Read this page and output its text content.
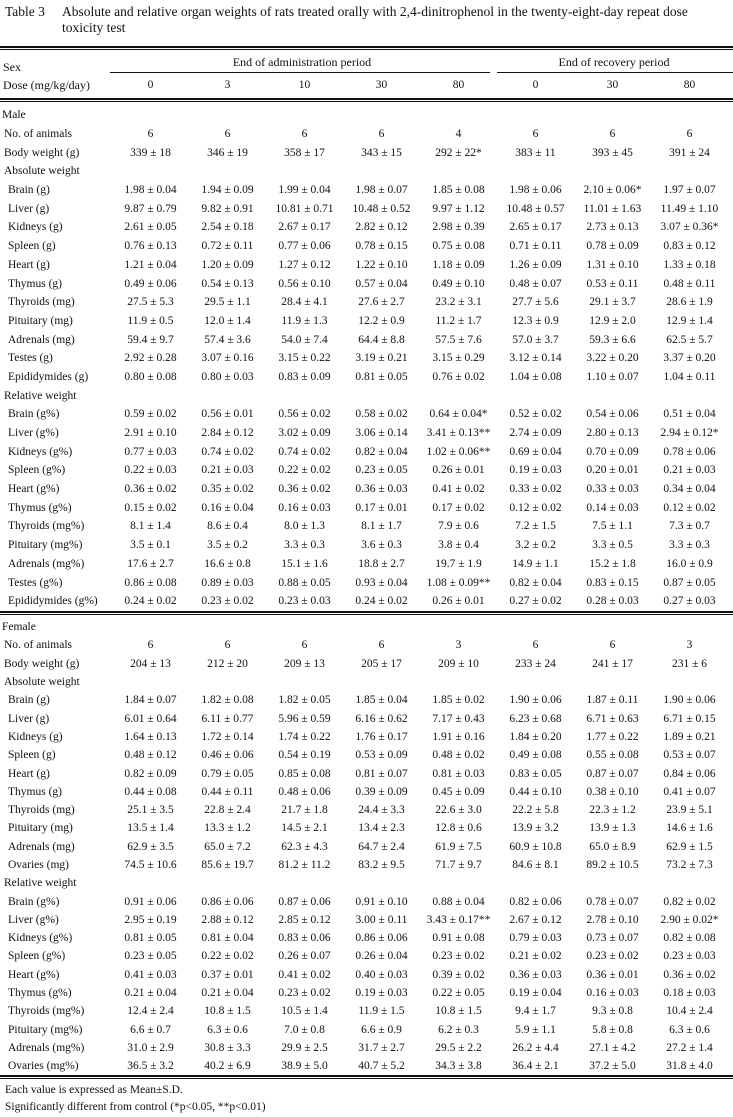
Table 3 Absolute and relative organ weights of rats treated orally with 2,4-dinitrophenol in the twenty-eight-day repeat dose toxicity test
Sex
Dose (mg/kg/day)
End of administration period	End of recovery period
	0	3	10	30	80	0	30	80
Male								
No. of animals	6	6	6	6	4	6	6	6
Body weight (g)	339 ± 18	346 ± 19	358 ± 17	343 ± 15	292 ± 22*	383 ± 11	393 ± 45	391 ± 24
Absolute weight								
Brain (g)	1.98 ± 0.04	1.94 ± 0.09	1.99 ± 0.04	1.98 ± 0.07	1.85 ± 0.08	1.98 ± 0.06	2.10 ± 0.06*	1.97 ± 0.07
Liver (g)	9.87 ± 0.79	9.82 ± 0.91	10.81 ± 0.71	10.48 ± 0.52	9.97 ± 1.12	10.48 ± 0.57	11.01 ± 1.63	11.49 ± 1.10
Kidneys (g)	2.61 ± 0.05	2.54 ± 0.18	2.67 ± 0.17	2.82 ± 0.12	2.98 ± 0.39	2.65 ± 0.17	2.73 ± 0.13	3.07 ± 0.36*
Spleen (g)	0.76 ± 0.13	0.72 ± 0.11	0.77 ± 0.06	0.78 ± 0.15	0.75 ± 0.08	0.71 ± 0.11	0.78 ± 0.09	0.83 ± 0.12
Heart (g)	1.21 ± 0.04	1.20 ± 0.09	1.27 ± 0.12	1.22 ± 0.10	1.18 ± 0.09	1.26 ± 0.09	1.31 ± 0.10	1.33 ± 0.18
Thymus (g)	0.49 ± 0.06	0.54 ± 0.13	0.56 ± 0.10	0.57 ± 0.04	0.49 ± 0.10	0.48 ± 0.07	0.53 ± 0.11	0.48 ± 0.11
Thyroids (mg)	27.5 ± 5.3	29.5 ± 1.1	28.4 ± 4.1	27.6 ± 2.7	23.2 ± 3.1	27.7 ± 5.6	29.1 ± 3.7	28.6 ± 1.9
Pituitary (mg)	11.9 ± 0.5	12.0 ± 1.4	11.9 ± 1.3	12.2 ± 0.9	11.2 ± 1.7	12.3 ± 0.9	12.9 ± 2.0	12.9 ± 1.4
Adrenals (mg)	59.4 ± 9.7	57.4 ± 3.6	54.0 ± 7.4	64.4 ± 8.8	57.5 ± 7.6	57.0 ± 3.7	59.3 ± 6.6	62.5 ± 5.7
Testes (g)	2.92 ± 0.28	3.07 ± 0.16	3.15 ± 0.22	3.19 ± 0.21	3.15 ± 0.29	3.12 ± 0.14	3.22 ± 0.20	3.37 ± 0.20
Epididymides (g)	0.80 ± 0.08	0.80 ± 0.03	0.83 ± 0.09	0.81 ± 0.05	0.76 ± 0.02	1.04 ± 0.08	1.10 ± 0.07	1.04 ± 0.11
Relative weight								
Brain (g%)	0.59 ± 0.02	0.56 ± 0.01	0.56 ± 0.02	0.58 ± 0.02	0.64 ± 0.04*	0.52 ± 0.02	0.54 ± 0.06	0.51 ± 0.04
Liver (g%)	2.91 ± 0.10	2.84 ± 0.12	3.02 ± 0.09	3.06 ± 0.14	3.41 ± 0.13**	2.74 ± 0.09	2.80 ± 0.13	2.94 ± 0.12*
Kidneys (g%)	0.77 ± 0.03	0.74 ± 0.02	0.74 ± 0.02	0.82 ± 0.04	1.02 ± 0.06**	0.69 ± 0.04	0.70 ± 0.09	0.78 ± 0.06
Spleen (g%)	0.22 ± 0.03	0.21 ± 0.03	0.22 ± 0.02	0.23 ± 0.05	0.26 ± 0.01	0.19 ± 0.03	0.20 ± 0.01	0.21 ± 0.03
Heart (g%)	0.36 ± 0.02	0.35 ± 0.02	0.36 ± 0.02	0.36 ± 0.03	0.41 ± 0.02	0.33 ± 0.02	0.33 ± 0.03	0.34 ± 0.04
Thymus (g%)	0.15 ± 0.02	0.16 ± 0.04	0.16 ± 0.03	0.17 ± 0.01	0.17 ± 0.02	0.12 ± 0.02	0.14 ± 0.03	0.12 ± 0.02
Thyroids (mg%)	8.1 ± 1.4	8.6 ± 0.4	8.0 ± 1.3	8.1 ± 1.7	7.9 ± 0.6	7.2 ± 1.5	7.5 ± 1.1	7.3 ± 0.7
Pituitary (mg%)	3.5 ± 0.1	3.5 ± 0.2	3.3 ± 0.3	3.6 ± 0.3	3.8 ± 0.4	3.2 ± 0.2	3.3 ± 0.5	3.3 ± 0.3
Adrenals (mg%)	17.6 ± 2.7	16.6 ± 0.8	15.1 ± 1.6	18.8 ± 2.7	19.7 ± 1.9	14.9 ± 1.1	15.2 ± 1.8	16.0 ± 0.9
Testes (g%)	0.86 ± 0.08	0.89 ± 0.03	0.88 ± 0.05	0.93 ± 0.04	1.08 ± 0.09**	0.82 ± 0.04	0.83 ± 0.15	0.87 ± 0.05
Epididymides (g%)	0.24 ± 0.02	0.23 ± 0.02	0.23 ± 0.03	0.24 ± 0.02	0.26 ± 0.01	0.27 ± 0.02	0.28 ± 0.03	0.27 ± 0.03
Female								
No. of animals	6	6	6	6	3	6	6	3
Body weight (g)	204 ± 13	212 ± 20	209 ± 13	205 ± 17	209 ± 10	233 ± 24	241 ± 17	231 ± 6
Absolute weight								
Brain (g)	1.84 ± 0.07	1.82 ± 0.08	1.82 ± 0.05	1.85 ± 0.04	1.85 ± 0.02	1.90 ± 0.06	1.87 ± 0.11	1.90 ± 0.06
Liver (g)	6.01 ± 0.64	6.11 ± 0.77	5.96 ± 0.59	6.16 ± 0.62	7.17 ± 0.43	6.23 ± 0.68	6.71 ± 0.63	6.71 ± 0.15
Kidneys (g)	1.64 ± 0.13	1.72 ± 0.14	1.74 ± 0.22	1.76 ± 0.17	1.91 ± 0.16	1.84 ± 0.20	1.77 ± 0.22	1.89 ± 0.21
Spleen (g)	0.48 ± 0.12	0.46 ± 0.06	0.54 ± 0.19	0.53 ± 0.09	0.48 ± 0.02	0.49 ± 0.08	0.55 ± 0.08	0.53 ± 0.07
Heart (g)	0.82 ± 0.09	0.79 ± 0.05	0.85 ± 0.08	0.81 ± 0.07	0.81 ± 0.03	0.83 ± 0.05	0.87 ± 0.07	0.84 ± 0.06
Thymus (g)	0.44 ± 0.08	0.44 ± 0.11	0.48 ± 0.06	0.39 ± 0.09	0.45 ± 0.09	0.44 ± 0.10	0.38 ± 0.10	0.41 ± 0.07
Thyroids (mg)	25.1 ± 3.5	22.8 ± 2.4	21.7 ± 1.8	24.4 ± 3.3	22.6 ± 3.0	22.2 ± 5.8	22.3 ± 1.2	23.9 ± 5.1
Pituitary (mg)	13.5 ± 1.4	13.3 ± 1.2	14.5 ± 2.1	13.4 ± 2.3	12.8 ± 0.6	13.9 ± 3.2	13.9 ± 1.3	14.6 ± 1.6
Adrenals (mg)	62.9 ± 3.5	65.0 ± 7.2	62.3 ± 4.3	64.7 ± 2.4	61.9 ± 7.5	60.9 ± 10.8	65.0 ± 8.9	62.9 ± 1.5
Ovaries (mg)	74.5 ± 10.6	85.6 ± 19.7	81.2 ± 11.2	83.2 ± 9.5	71.7 ± 9.7	84.6 ± 8.1	89.2 ± 10.5	73.2 ± 7.3
Relative weight								
Brain (g%)	0.91 ± 0.06	0.86 ± 0.06	0.87 ± 0.06	0.91 ± 0.10	0.88 ± 0.04	0.82 ± 0.06	0.78 ± 0.07	0.82 ± 0.02
Liver (g%)	2.95 ± 0.19	2.88 ± 0.12	2.85 ± 0.12	3.00 ± 0.11	3.43 ± 0.17**	2.67 ± 0.12	2.78 ± 0.10	2.90 ± 0.02*
Kidneys (g%)	0.81 ± 0.05	0.81 ± 0.04	0.83 ± 0.06	0.86 ± 0.06	0.91 ± 0.08	0.79 ± 0.03	0.73 ± 0.07	0.82 ± 0.08
Spleen (g%)	0.23 ± 0.05	0.22 ± 0.02	0.26 ± 0.07	0.26 ± 0.04	0.23 ± 0.02	0.21 ± 0.02	0.23 ± 0.02	0.23 ± 0.03
Heart (g%)	0.41 ± 0.03	0.37 ± 0.01	0.41 ± 0.02	0.40 ± 0.03	0.39 ± 0.02	0.36 ± 0.03	0.36 ± 0.01	0.36 ± 0.02
Thymus (g%)	0.21 ± 0.04	0.21 ± 0.04	0.23 ± 0.02	0.19 ± 0.03	0.22 ± 0.05	0.19 ± 0.04	0.16 ± 0.03	0.18 ± 0.03
Thyroids (mg%)	12.4 ± 2.4	10.8 ± 1.5	10.5 ± 1.4	11.9 ± 1.5	10.8 ± 1.5	9.4 ± 1.7	9.3 ± 0.8	10.4 ± 2.4
Pituitary (mg%)	6.6 ± 0.7	6.3 ± 0.6	7.0 ± 0.8	6.6 ± 0.9	6.2 ± 0.3	5.9 ± 1.1	5.8 ± 0.8	6.3 ± 0.6
Adrenals (mg%)	31.0 ± 2.9	30.8 ± 3.3	29.9 ± 2.5	31.7 ± 2.7	29.5 ± 2.2	26.2 ± 4.4	27.1 ± 4.2	27.2 ± 1.4
Ovaries (mg%)	36.5 ± 3.2	40.2 ± 6.9	38.9 ± 5.0	40.7 ± 5.2	34.3 ± 3.8	36.4 ± 2.1	37.2 ± 5.0	31.8 ± 4.0
Each value is expressed as Mean±S.D.
Significantly different from control (*p<0.05, **p<0.01)
